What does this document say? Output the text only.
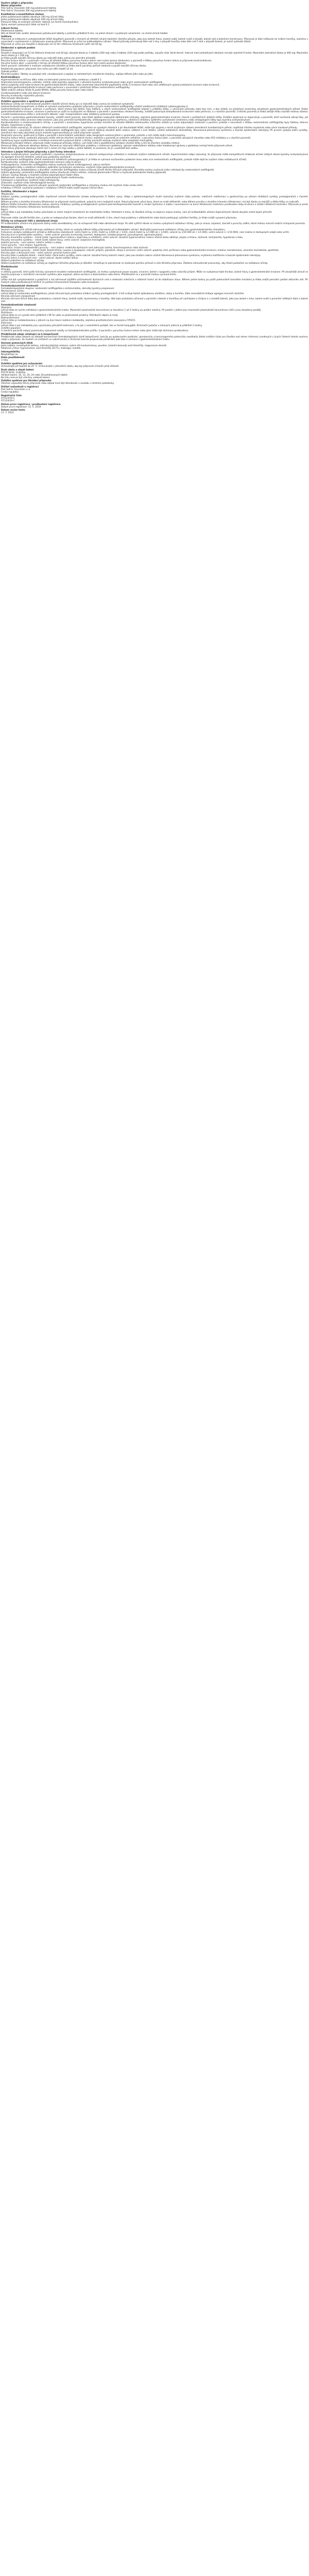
Souhrn údajů o přípravku
Název přípravku
Pink Salt & Chocolate 100 mg potahované tablety
Pink Salt & Chocolate 200 mg potahované tablety
Kvalitativní a kvantitativní složení
Jedna potahovaná tableta obsahuje 100 mg účinné látky.
Jedna potahovaná tableta obsahuje 200 mg účinné látky.
Pomocné látky se známým účinkem: laktosa (ve formě monohydrátu).
Úplný seznam pomocných látek viz bod 6.1.
Léková forma
Potahovaná tableta.
Bílé až téměř bílé, kulaté, bikonvexní potahované tablety o průměru přibližně 9 mm, na jedné straně s vyraženým označením, na druhé straně hladké.
Indikace
Přípravek je indikován k symptomatické léčbě dospělých pacientů s mírnými až středně silnými bolestmi různého původu, jako jsou bolesti hlavy, bolesti zubů, bolesti svalů a kloubů, bolesti zad a bolestivá menstruace. Přípravek je dále indikován ke snížení horečky, zejména v souvislosti s nachlazením a chřipkovým onemocněním. Přípravek je určen ke krátkodobému užívání. Pokud příznaky přetrvávají déle než 3 dny v případě horečky nebo déle než 5 dnů v případě bolesti, je nutné vyhledat lékaře.
Přípravek je určen pro dospělé a dospívající od 12 let s tělesnou hmotností vyšší než 40 kg.
Dávkování a způsob podání
Dávkování
Dospělí a dospívající od 12 let (tělesná hmotnost nad 40 kg): obvyklá dávka je 1 tableta (200 mg) nebo 2 tablety (100 mg) podle potřeby, nejvýše však 3krát denně. Interval mezi jednotlivými dávkami má být nejméně 6 hodin. Maximální jednotlivá dávka je 400 mg. Maximální denní dávka je 1 200 mg.
Je třeba použít nejnižší účinnou dávku po nejkratší dobu nutnou ke zmírnění příznaků.
Porucha funkce ledvin: u pacientů s mírnou až středně těžkou poruchou funkce ledvin není nutná úprava dávkování; u pacientů s těžkou poruchou funkce ledvin je přípravek kontraindikován.
Porucha funkce jater: u pacientů s mírnou až středně těžkou poruchou funkce jater není nutná úprava dávkování.
Starší pacienti: vzhledem k možným nežádoucím účinkům je třeba starší pacienty pečlivě sledovat a použít nejnižší účinnou dávku.
Pediatrická populace: přípravek není určen pro děti mladší 12 let.
Způsob podání
Perorální podání. Tablety se polykají celé, nerozkousané a zapíjejí se dostatečným množstvím tekutiny, nejlépe během jídla nebo po jídle.
Kontraindikace
Hypersenzitivita na léčivou látku nebo na kteroukoli pomocnou látku uvedenou v bodě 6.1.
Anamnéza bronchospasmu, astmatu, rinitidy nebo kopřivky spojených s užíváním kyseliny acetylsalicylové nebo jiných nesteroidních antiflogistik.
Aktivní peptický vřed nebo krvácení do gastrointestinálního traktu, nebo anamnéza rekurentního peptického vředu či krvácení (dvě nebo více oddělených epizod prokázané ulcerace nebo krvácení).
Anamnéza gastrointestinálního krvácení nebo perforace v souvislosti s předchozí léčbou nesteroidními antiflogistiky.
Těžké srdeční selhání (třída IV podle NYHA), těžká porucha funkce jater nebo ledvin.
Cerebrovaskulární nebo jiné aktivní krvácení.
Poruchy krvetvorby nejasného původu.
Třetí trimestr těhotenství.
Zvláštní upozornění a opatření pro použití
Nežádoucí účinky lze minimalizovat použitím nejnižší účinné dávky po co nejkratší dobu nutnou ke zvládnutí symptomů.
Gastrointestinální bezpečnost: je třeba se vyhnout současnému podávání přípravku s jinými nesteroidními antiflogistiky včetně selektivních inhibitorů cyklooxygenázy-2.
Gastrointestinální krvácení, ulcerace a perforace, které mohou být fatální, byly hlášeny u všech nesteroidních antiflogistik kdykoli v průběhu léčby, s varovnými příznaky nebo bez nich, a bez ohledu na předchozí anamnézu závažných gastrointestinálních příhod. Riziko gastrointestinálního krvácení, ulcerace a perforace je vyšší se zvyšujícími se dávkami u pacientů s anamnézou vředové choroby, zvláště pokud byla komplikována krvácením nebo perforací, a u starších pacientů. U těchto pacientů je třeba zahájit léčbu nejnižší možnou dávkou a zvážit kombinovanou léčbu s ochrannými látkami, např. misoprostolem nebo inhibitory protonové pumpy.
Pacienti s anamnézou gastrointestinální toxicity, zvláště starší pacienti, mají hlásit jakékoli neobvyklé abdominální příznaky, zejména gastrointestinální krvácení, hlavně v počátečních stádiích léčby. Zvláštní opatrnost se doporučuje u pacientů, kteří současně užívají léky, jež mohou zvyšovat riziko ulcerace nebo krvácení, jako jsou perorální kortikosteroidy, antikoagulancia typu warfarinu, selektivní inhibitory zpětného vychytávání serotoninu nebo antiagregační látky typu kyseliny acetylsalicylové.
Kardiovaskulární a cerebrovaskulární účinky: u pacientů s anamnézou hypertenze a/nebo mírného až středně těžkého městnavého srdečního selhání je nutné odpovídající sledování a poučení, protože v souvislosti s léčbou nesteroidními antiflogistiky byly hlášeny retence tekutin, hypertenze a otoky.
Klinické studie naznačují, že užívání některých nesteroidních antiflogistik, zejména ve vysokých dávkách a při dlouhodobé léčbě, může být spojeno s mírně zvýšeným rizikem arteriálních trombotických příhod, například infarktu myokardu nebo cévní mozkové příhody.
Kožní reakce: v souvislosti s užíváním nesteroidních antiflogistik byly velmi vzácně hlášeny závažné kožní reakce, některé z nich fatální, včetně exfoliativní dermatitidy, Stevensova-Johnsonova syndromu a toxické epidermální nekrolýzy. Při prvním výskytu kožní vyrážky, slizničních lézí nebo jakýchkoli jiných známek hypersenzitivity je nutné přípravek vysadit.
Respirační poruchy: opatrnosti je třeba u pacientů s bronchiálním astmatem nebo alergickým onemocněním v anamnéze, protože u nich může dojít k bronchospasmu.
Porucha funkce ledvin: podávání přípravku může vést ke zhoršení renálních funkcí, zejména u pacientů se srdečním selháním, s poruchou funkce jater, u pacientů užívajících diuretika nebo ACE inhibitory a u starších pacientů.
Systémový lupus erythematodes a smíšená onemocnění pojivové tkáně: u těchto pacientů existuje zvýšené riziko aseptické meningitidy.
Maskování příznaků infekce: přípravek může maskovat příznaky infekce, což může vést k opožděnému zahájení vhodné léčby a tím ke zhoršení výsledku infekce.
Pomocné látky: přípravek obsahuje laktosu. Pacienti se vzácnými dědičnými problémy s intolerancí galaktosy, úplným nedostatkem laktázy nebo malabsorpcí glukosy a galaktosy nemají tento přípravek užívat.
Tento léčivý přípravek obsahuje méně než 1 mmol (23 mg) sodíku v jedné tabletě, to znamená, že je v podstatě bez sodíku.
Interakce s jinými léčivými přípravky a jiné formy interakce
Kyselina acetylsalicylová: současné podávání s kyselinou acetylsalicylovou se obecně nedoporučuje vzhledem k možnosti zvýšení nežádoucích účinků. Experimentální údaje naznačují, že přípravek může kompetitivně inhibovat účinek nízkých dávek kyseliny acetylsalicylové na agregaci krevních destiček, pokud jsou podávány současně.
Jiná nesteroidní antiflogistika včetně selektivních inhibitorů cyklooxygenázy-2: je třeba se vyhnout současnému podávání dvou nebo více nesteroidních antiflogistik, protože může dojít ke zvýšení rizika nežádoucích účinků.
Kortikosteroidy: zvýšené riziko gastrointestinální ulcerace nebo krvácení.
Antikoagulancia: nesteroidní antiflogistika mohou zvyšovat účinek antikoagulancií, jako je warfarin.
Antiagregační látky a selektivní inhibitory zpětného vychytávání serotoninu: zvýšené riziko gastrointestinálního krvácení.
Antihypertenziva, betablokátory a diuretika: nesteroidní antiflogistika mohou snižovat účinek těchto léčivých přípravků. Diuretika mohou zvyšovat riziko nefrotoxicity nesteroidních antiflogistik.
Srdeční glykosidy: nesteroidní antiflogistika mohou zhoršovat srdeční selhání, snižovat glomerulární filtraci a zvyšovat plazmatické hladiny glykosidů.
Lithium: existují důkazy o možném zvýšení plazmatických hladin lithia.
Methotrexát: existuje možnost zvýšení plazmatických hladin methotrexátu.
Ciklosporin a takrolimus: zvýšené riziko nefrotoxicity.
Zidovudin: zvýšené riziko hematologické toxicity.
Chinolonová antibiotika: pacienti užívající současně nesteroidní antiflogistika a chinolony mohou mít zvýšené riziko vzniku křečí.
Inhibitory CYP2C9: současné podávání s inhibitory CYP2C9 může zvýšit expozici léčivé látce.
Fertilita, těhotenství a kojení
Těhotenství
Inhibice syntézy prostaglandinů může nepříznivě ovlivnit těhotenství a/nebo embryonální či fetální vývoj. Údaje z epidemiologických studií naznačují zvýšené riziko potratu, srdečních malformací a gastroschízy po užívání inhibitorů syntézy prostaglandinů v časném těhotenství.
Během prvního a druhého trimestru těhotenství se přípravek nemá podávat, pokud to není nezbytně nutné. Pokud přípravek užívá žena, která se snaží otěhotnět, nebo během prvního a druhého trimestru těhotenství, má být dávka co nejnižší a délka léčby co nejkratší.
Během třetího trimestru těhotenství mohou všechny inhibitory syntézy prostaglandinů vystavit plod kardiopulmonální toxicitě a renální dysfunkci a matku i novorozence na konci těhotenství možnému prodloužení doby krvácení a inhibici děložních kontrakcí. Přípravek je proto během třetího trimestru těhotenství kontraindikován.
Kojení
Léčivá látka a její metabolity mohou přecházet ve velmi malých množstvích do mateřského mléka. Vzhledem k tomu, že škodlivé účinky na kojence nejsou známy, není při krátkodobém užívání doporučených dávek obvykle nutné kojení přerušit.
Fertilita
Přípravek může narušit fertilitu žen, a proto se nedoporučuje ženám, které se snaží otěhotnět. U žen, které mají problémy s otěhotněním nebo které podstupují vyšetření fertility, je třeba zvážit vysazení přípravku.
Účinky na schopnost řídit a obsluhovat stroje
Při krátkodobém užívání má přípravek žádný nebo zanedbatelný vliv na schopnost řídit nebo obsluhovat stroje. Po užití vyšších dávek se mohou vyskytnout nežádoucí účinky, jako je únava, ospalost, závratě a poruchy vidění, které mohou ovlivnit reakční schopnost pacienta.
Nežádoucí účinky
Seznam nežádoucích účinků zahrnuje nežádoucí účinky, které se vyskytly během léčby přípravkem při krátkodobém užívání. Nejčastěji pozorované nežádoucí účinky jsou gastrointestinálního charakteru.
Frekvence výskytu nežádoucích účinků je definována následovně: velmi časté (≥ 1/10), časté (≥ 1/100 až < 1/10), méně časté (≥ 1/1 000 až < 1/100), vzácné (≥ 1/10 000 až < 1/1 000), velmi vzácné (< 1/10 000), není známo (z dostupných údajů nelze určit).
Poruchy krve a lymfatického systému – velmi vzácné: poruchy krvetvorby (anemie, leukopenie, trombocytopenie, pancytopenie, agranulocytóza).
Poruchy imunitního systému – méně časté: hypersenzitivní reakce s kopřivkou a svěděním; velmi vzácné: závažné hypersenzitivní reakce včetně otoku obličeje, jazyka a hrtanu, dušnosti, tachykardie, hypotenze a šoku.
Poruchy nervového systému – méně časté: bolest hlavy; velmi vzácné: aseptická meningitida.
Srdeční poruchy – není známo: srdeční selhání a otoky.
Cévní poruchy – není známo: hypertenze.
Respirační, hrudní a mediastinální poruchy – není známo: reaktivita dýchacích cest zahrnující astma, bronchospasmus nebo dušnost.
Gastrointestinální poruchy – méně časté: bolest břicha, nauzea a dyspepsie; vzácné: průjem, plynatost, zácpa a zvracení; velmi vzácné: peptický vřed, perforace nebo gastrointestinální krvácení, meléna, hematemeza, ulcerózní stomatitida, gastritida.
Poruchy jater a žlučových cest – velmi vzácné: porucha funkce jater.
Poruchy kůže a podkožní tkáně – méně časté: různé kožní vyrážky; velmi vzácné: závažné formy kožních reakcí, jako jsou bulózní reakce včetně Stevensova-Johnsonova syndromu, erythema multiforme a toxické epidermální nekrolýzy.
Poruchy ledvin a močových cest – velmi vzácné: akutní selhání ledvin.
Hlášení podezření na nežádoucí účinky
Hlášení podezření na nežádoucí účinky po registraci léčivého přípravku je důležité. Umožňuje to pokračovat ve sledování poměru přínosů a rizik léčivého přípravku. Žádáme zdravotnické pracovníky, aby hlásili podezření na nežádoucí účinky.
Předávkování
Příznaky
U většiny pacientů, kteří požili klinicky významné množství nesteroidních antiflogistik, se mohou vyskytnout pouze nauzea, zvracení, bolest v epigastriu nebo vzácněji průjem. Může se vyskytnout také tinnitus, bolest hlavy a gastrointestinální krvácení. Při závažnější otravě se toxicita projevuje v centrálním nervovém systému jako ospalost, občas excitace a dezorientace nebo kóma. Příležitostně se u pacientů mohou vyvinout křeče.
Léčba
Léčba má být symptomatická a podpůrná a má zahrnovat zajištění průchodnosti dýchacích cest a sledování srdečních a vitálních funkcí až do stabilizace stavu. Během jedné hodiny po požití potenciálně toxického množství je třeba zvážit perorální podání aktivního uhlí. Při častých nebo prodloužených křečích se podává intravenózně diazepam nebo lorazepam.
Farmakodynamické vlastnosti
Farmakoterapeutická skupina: nesteroidní antiflogistika a antirevmatika, deriváty kyseliny propionové.
Mechanismus účinku
Léčivá látka je nesteroidní antiflogistikum, jehož účinnost byla prokázána inhibicí syntézy prostaglandinů. U lidí snižuje bolest způsobenou zánětem, otoky a horečku. Dále reverzibilně inhibuje agregaci krevních destiček.
Klinická účinnost a bezpečnost
Klinická účinnost léčivé látky byla prokázána u bolesti hlavy, bolesti zubů, dysmenorey a horečky; dále byla prokázána účinnost u pacientů s bolestí a horečkou při nachlazení a chřipce a u modelů bolesti, jako jsou bolest v krku, bolest svalů a poranění měkkých tkání a bolest zad.
Farmakokinetické vlastnosti
Absorpce
Léčivá látka se rychle vstřebává z gastrointestinálního traktu. Maximální plazmatické koncentrace je dosaženo 1 až 2 hodiny po podání nalačno. Při podání s jídlem jsou maximální plazmatické koncentrace nižší a jsou dosaženy později.
Distribuce
Léčivá látka se ve vysoké míře (přibližně z 99 %) váže na plazmatické proteiny. Distribuční objem je malý.
Biotransformace
Léčivá látka je metabolizována v játrech na dva hlavní inaktivní metabolity, zejména prostřednictvím izoenzymu CYP2C9.
Eliminace
Léčivá látka a její metabolity jsou vylučovány převážně ledvinami, a to jak v nezměněné podobě, tak ve formě konjugátů. Eliminační poločas u zdravých jedinců je přibližně 2 hodiny.
Zvláštní populace
U starších pacientů nebyly pozorovány významné rozdíly ve farmakokinetickém profilu. U pacientů s poruchou funkce ledvin nebo jater může být eliminace prodloužena.
Předklinické údaje vztahující se k bezpečnosti
Předklinické údaje získané na základě konvenčních farmakologických studií bezpečnosti, toxicity po opakovaném podávání, genotoxicity a kancerogenního potenciálu neodhalily žádné zvláštní riziko pro člověka nad rámec informací uvedených v jiných částech tohoto souhrnu údajů o přípravku. Ve studiích na zvířatech se subchronická a chronická toxicita projevovala především jako léze a ulcerace v gastrointestinálním traktu.
Seznam pomocných látek
Jádro tablety: monohydrát laktosy, mikrokrystalická celulosa, sodná sůl kroskarmelosy, povidon, koloidní bezvodý oxid křemičitý, magnesium-stearát.
Potahová vrstva: hypromelosa, oxid titaničitý (E171), makrogol, mastek.
Inkompatibility
Neuplatňuje se.
Doba použitelnosti
3 roky.
Zvláštní opatření pro uchovávání
Uchovávejte při teplotě do 25 °C. Uchovávejte v původním obalu, aby byl přípravek chráněn před vlhkostí.
Druh obalu a obsah balení
PVC/Al blistr, krabička.
Velikost balení: 10, 12, 20, 24 nebo 30 potahovaných tablet.
Na trhu nemusí být všechny velikosti balení.
Zvláštní opatření pro likvidaci přípravku
Všechen nepoužitý léčivý přípravek nebo odpad musí být zlikvidován v souladu s místními požadavky.
Držitel rozhodnutí o registraci
Pink Salt & Chocolate s.r.o.
Česká republika
Registrační číslo
07/123/19-C
07/124/19-C
Datum první registrace / prodloužení registrace
Datum první registrace: 15. 5. 2019
Datum revize textu
11. 2. 2023
